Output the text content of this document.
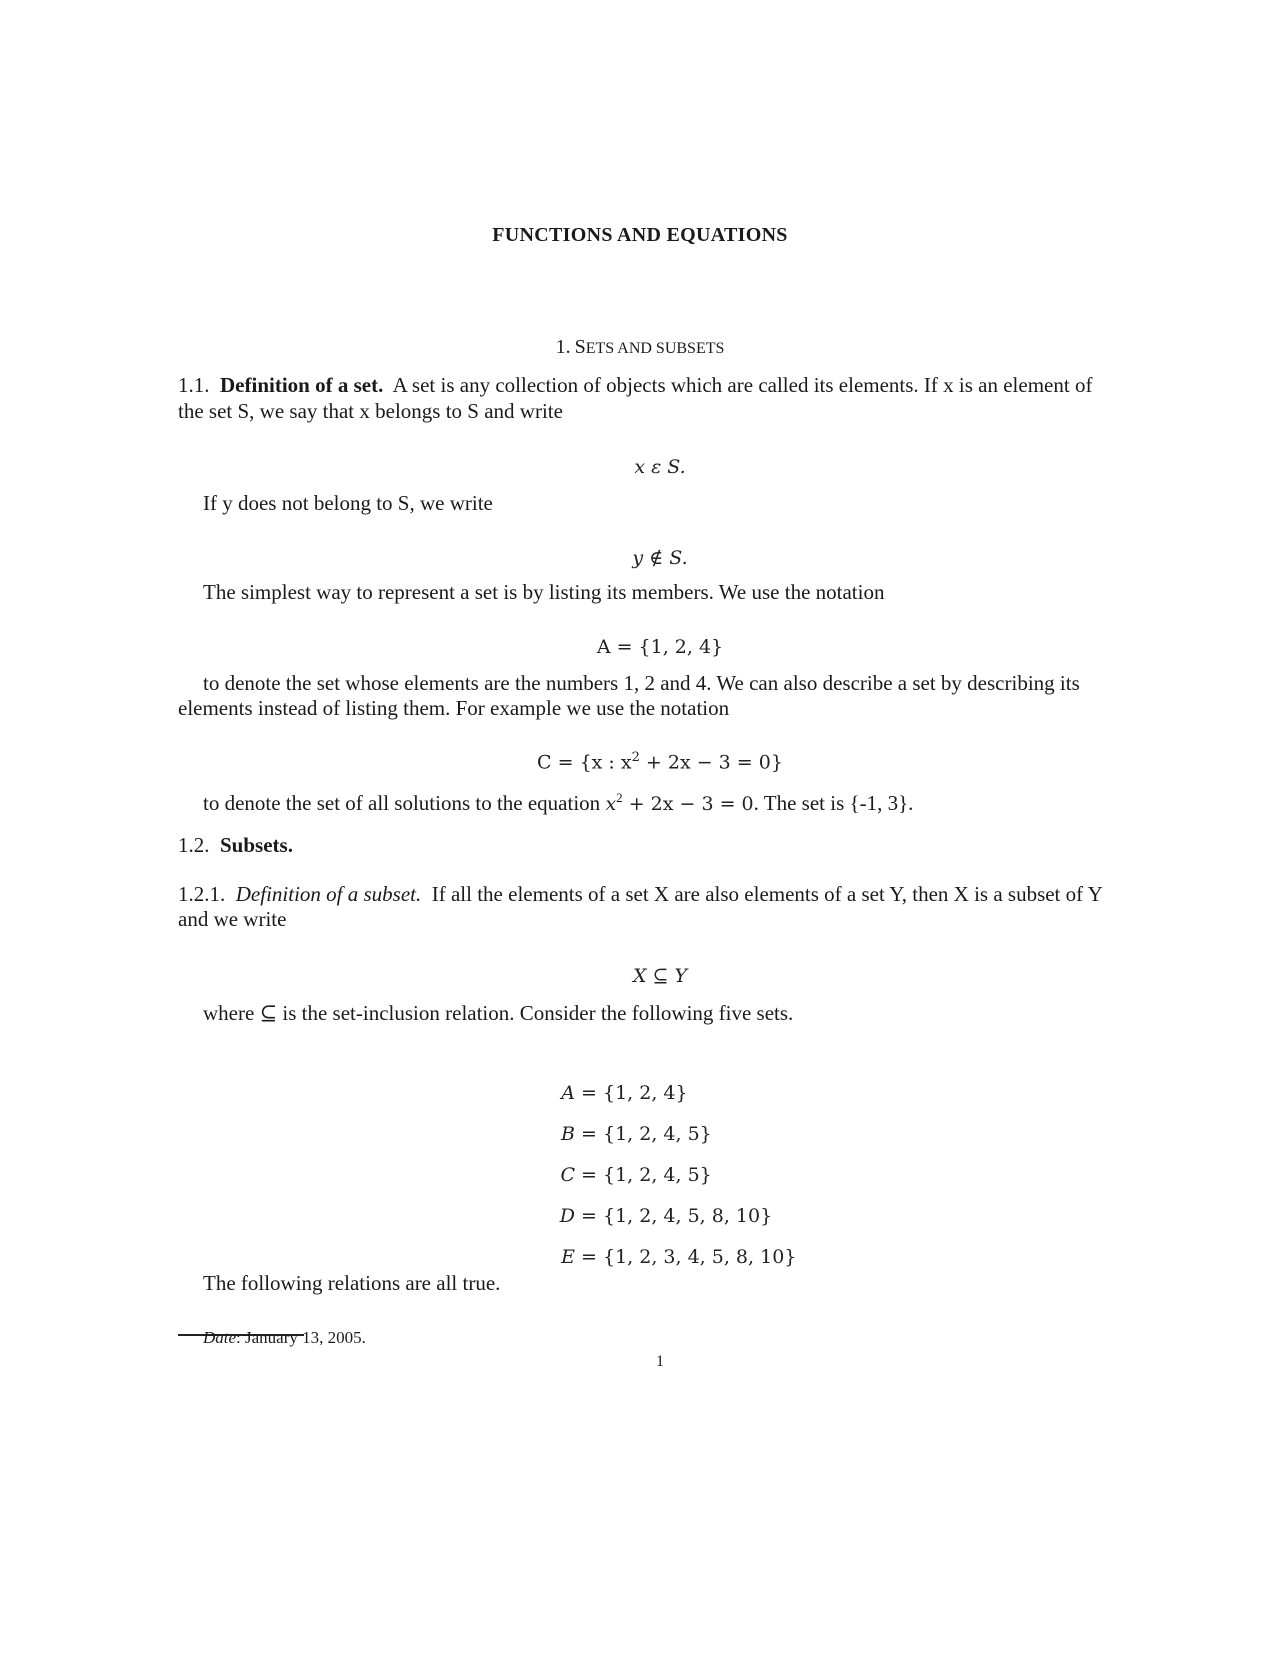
FUNCTIONS AND EQUATIONS
1. SETS AND SUBSETS
1.1. Definition of a set. A set is any collection of objects which are called its elements. If x is an element of
the set S, we say that x belongs to S and write
x ε S.
If y does not belong to S, we write
y ∉ S.
The simplest way to represent a set is by listing its members. We use the notation
A = {1, 2, 4}
to denote the set whose elements are the numbers 1, 2 and 4. We can also describe a set by describing its
elements instead of listing them. For example we use the notation
C = {x : $x^2 + 2x - 3 = 0$}
to denote the set of all solutions to the equation $x^2 + 2x - 3 = 0$. The set is {-1, 3}.
1.2. Subsets.
1.2.1. Definition of a subset. If all the elements of a set X are also elements of a set Y, then X is a subset of Y
and we write
X ⊆ Y
where ⊆ is the set-inclusion relation. Consider the following five sets.
A = {1, 2, 4}
B = {1, 2, 4, 5}
C = {1, 2, 4, 5}
D = {1, 2, 4, 5, 8, 10}
E = {1, 2, 3, 4, 5, 8, 10}
The following relations are all true.
Date: January 13, 2005.
1
